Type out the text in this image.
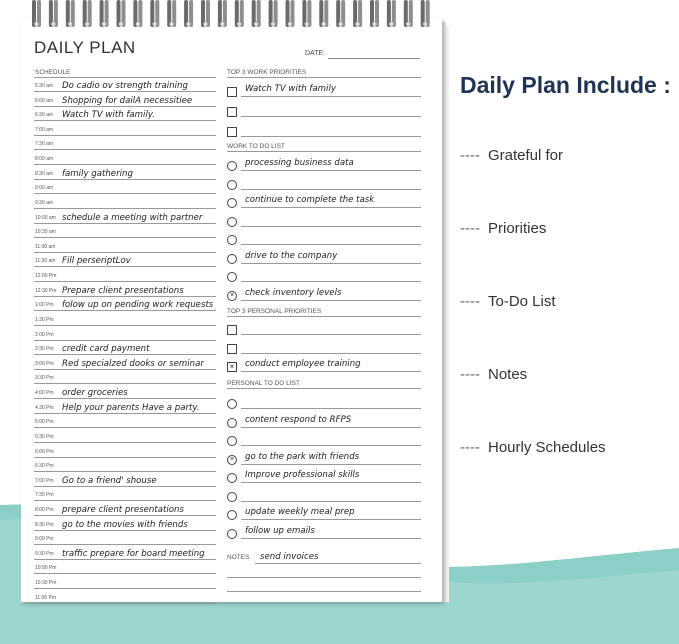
DAILY PLAN	DATE:
SCHEDULE
5:30 am Do cadio ov strength training
6:00 am Shopping for dailA necessitiee
6:30 am Watch TV with family.
7:00 am
7:30 am
8:00 am
8:30 am family gathering
9:00 am
9:30 am
10:00 am schedule a meeting with partner
10:30 am
11:00 am
11:30 am Fill perseriptLov
12:00 Pm
12:30 Pm Prepare client presentations
1:00 Pm folow up on pending work requests
1:30 Pm
2:00 Pm
2:30 Pm credit card payment
3:00 Pm Red specialzed dooks or seminar
3:30 Pm
4:00 Pm order groceries
4:30 Pm Help your parents Have a party.
5:00 Pm
5:30 Pm
6:00 Pm
6:30 Pm
7:00 Pm Go to a friend' shouse
7:30 Pm
8:00 Pm prepare client presentations
8:30 Pm go to the movies with friends
9:00 Pm
9:30 Pm traffic prepare for board meeting
10:00 Pm
10:30 Pm
11:00 Pm
TOP 3 WORK PRIORITIES
Watch TV with family
WORK TO DO LIST
processing business data
continue to complete the task
drive to the company
×	check inventory levels
TOP 3 PERSONAL PRIORITIES
×	conduct employee training
PERSONAL TO DO LIST
content respond to RFPS
×	go to the park with friends
Improve professional skills
update weekly meal prep
follow up emails
NOTES send invoices
Daily Plan Include :
---- Grateful for
---- Priorities
---- To-Do List
---- Notes
---- Hourly Schedules
